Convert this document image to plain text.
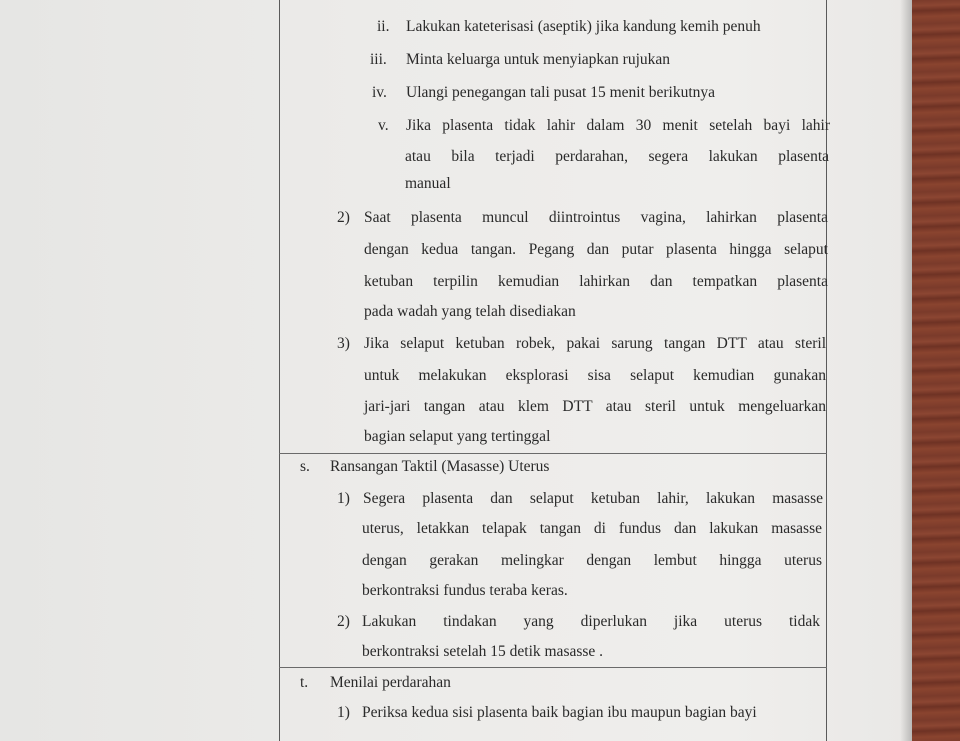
ii. Lakukan kateterisasi (aseptik) jika kandung kemih penuh
iii. Minta keluarga untuk menyiapkan rujukan
iv. Ulangi penegangan tali pusat 15 menit berikutnya
v. Jika plasenta tidak lahir dalam 30 menit setelah bayi lahir
atau bila terjadi perdarahan, segera lakukan plasenta
manual
2) Saat plasenta muncul diintrointus vagina, lahirkan plasenta
dengan kedua tangan. Pegang dan putar plasenta hingga selaput
ketuban terpilin kemudian lahirkan dan tempatkan plasenta
pada wadah yang telah disediakan
3) Jika selaput ketuban robek, pakai sarung tangan DTT atau steril
untuk melakukan eksplorasi sisa selaput kemudian gunakan
jari-jari tangan atau klem DTT atau steril untuk mengeluarkan
bagian selaput yang tertinggal
s. Ransangan Taktil (Masasse) Uterus
1) Segera plasenta dan selaput ketuban lahir, lakukan masasse
uterus, letakkan telapak tangan di fundus dan lakukan masasse
dengan gerakan melingkar dengan lembut hingga uterus
berkontraksi fundus teraba keras.
2) Lakukan tindakan yang diperlukan jika uterus tidak
berkontraksi setelah 15 detik masasse .
t. Menilai perdarahan
1) Periksa kedua sisi plasenta baik bagian ibu maupun bagian bayi
